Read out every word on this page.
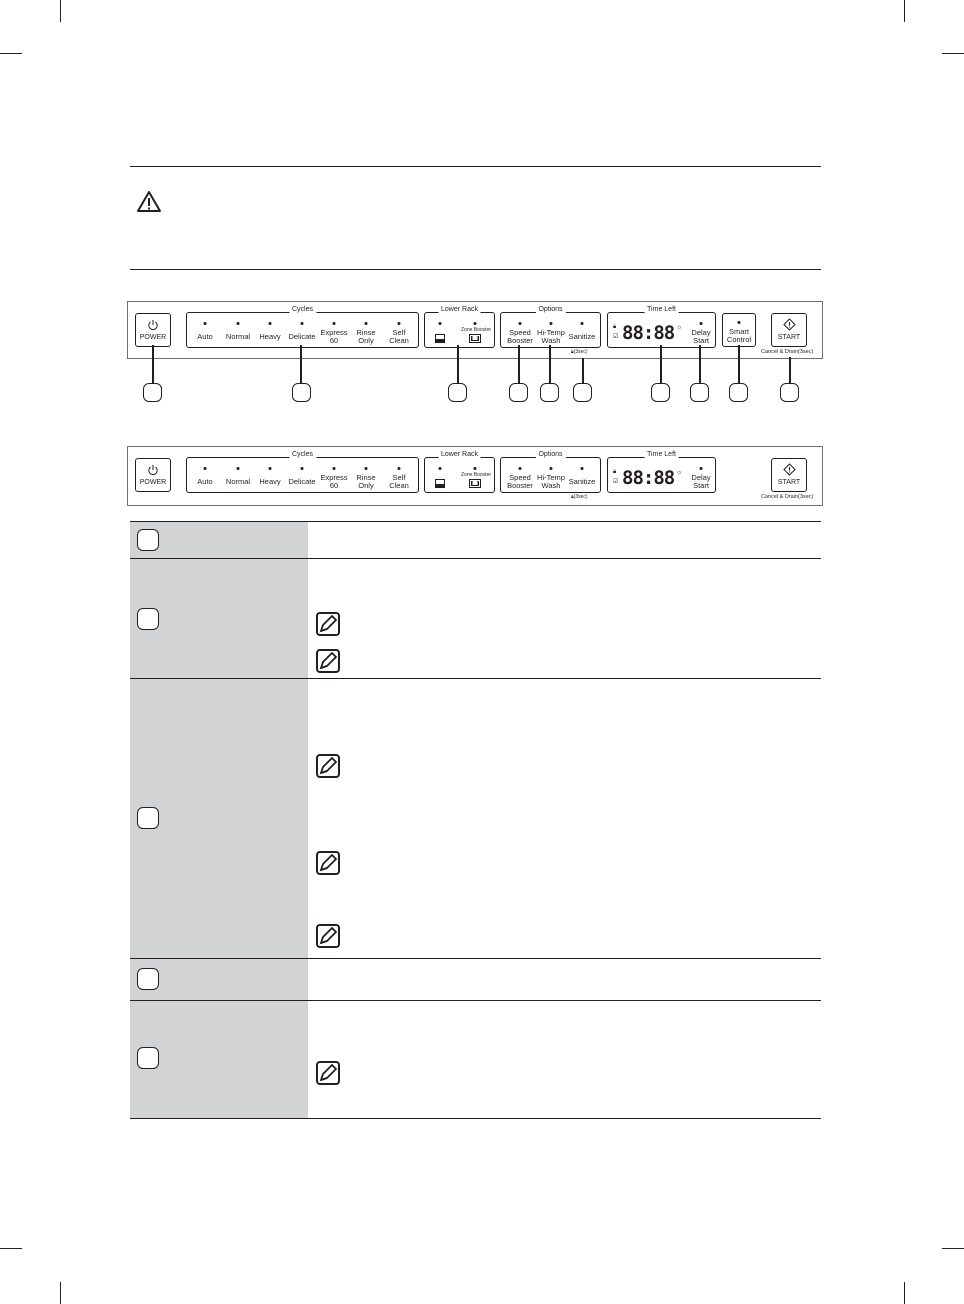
POWER
Cycles
Auto Normal Heavy Delicate Express
60
Rinse
Only
Self
Clean
Lower Rack
Zone Booster
Options
Speed
Booster
Hi-Temp
Wash	Sanitize
🔒︎(3sec)
Time Left
🔒︎
☑ 88:88 ☼
Delay
Start
Smart
Control	START
Cancel & Drain(3sec)
POWER
Cycles
Auto Normal Heavy Delicate Express
60
Rinse
Only
Self
Clean
Lower Rack
Zone Booster
Options
Speed
Booster
Hi-Temp
Wash	Sanitize
🔒︎(3sec)
Time Left
🔒︎
☑ 88:88 ☼
Delay
Start	START
Cancel & Drain(3sec)
